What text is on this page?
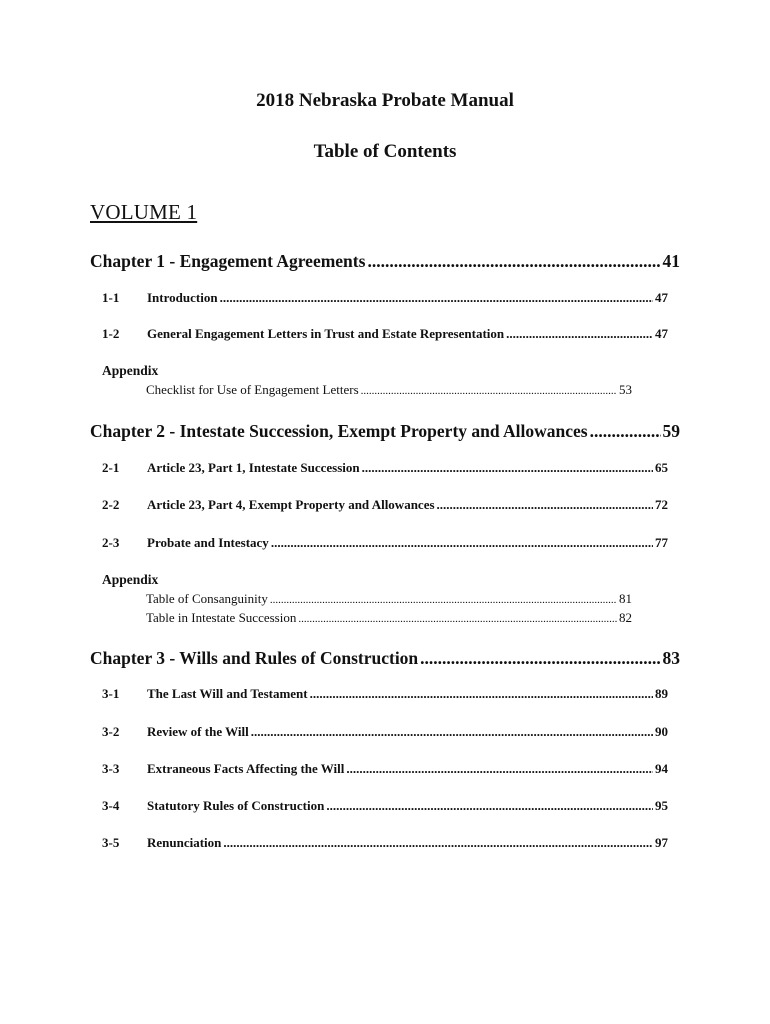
2018 Nebraska Probate Manual
Table of Contents
VOLUME 1
Chapter 1 - Engagement Agreements .....	41
1-1	Introduction .....	47
1-2	General Engagement Letters in Trust and Estate Representation .....	47
Appendix
Checklist for Use of Engagement Letters .....	53
Chapter 2 - Intestate Succession, Exempt Property and Allowances .....	59
2-1	Article 23, Part 1, Intestate Succession .....	65
2-2	Article 23, Part 4, Exempt Property and Allowances .....	72
2-3	Probate and Intestacy .....	77
Appendix
Table of Consanguinity .....	81
Table in Intestate Succession .....	82
Chapter 3 - Wills and Rules of Construction .....	83
3-1	The Last Will and Testament .....	89
3-2	Review of the Will .....	90
3-3	Extraneous Facts Affecting the Will .....	94
3-4	Statutory Rules of Construction .....	95
3-5	Renunciation .....	97
